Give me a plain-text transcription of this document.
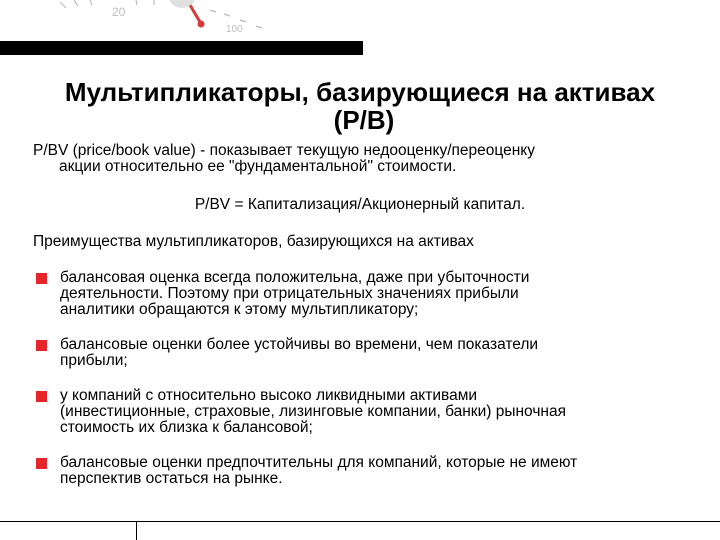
20
100
Мультипликаторы, базирующиеся на активах
(P/B)
P/BV (price/book value) - показывает текущую недооценку/переоценку
акции относительно ее "фундаментальной" стоимости.
P/BV = Капитализация/Акционерный капитал.
Преимущества мультипликаторов, базирующихся на активах
балансовая оценка всегда положительна, даже при убыточности
деятельности. Поэтому при отрицательных значениях прибыли
аналитики обращаются к этому мультипликатору;
балансовые оценки более устойчивы во времени, чем показатели
прибыли;
у компаний с относительно высоко ликвидными активами
(инвестиционные, страховые, лизинговые компании, банки) рыночная
стоимость их близка к балансовой;
балансовые оценки предпочтительны для компаний, которые не имеют
перспектив остаться на рынке.
